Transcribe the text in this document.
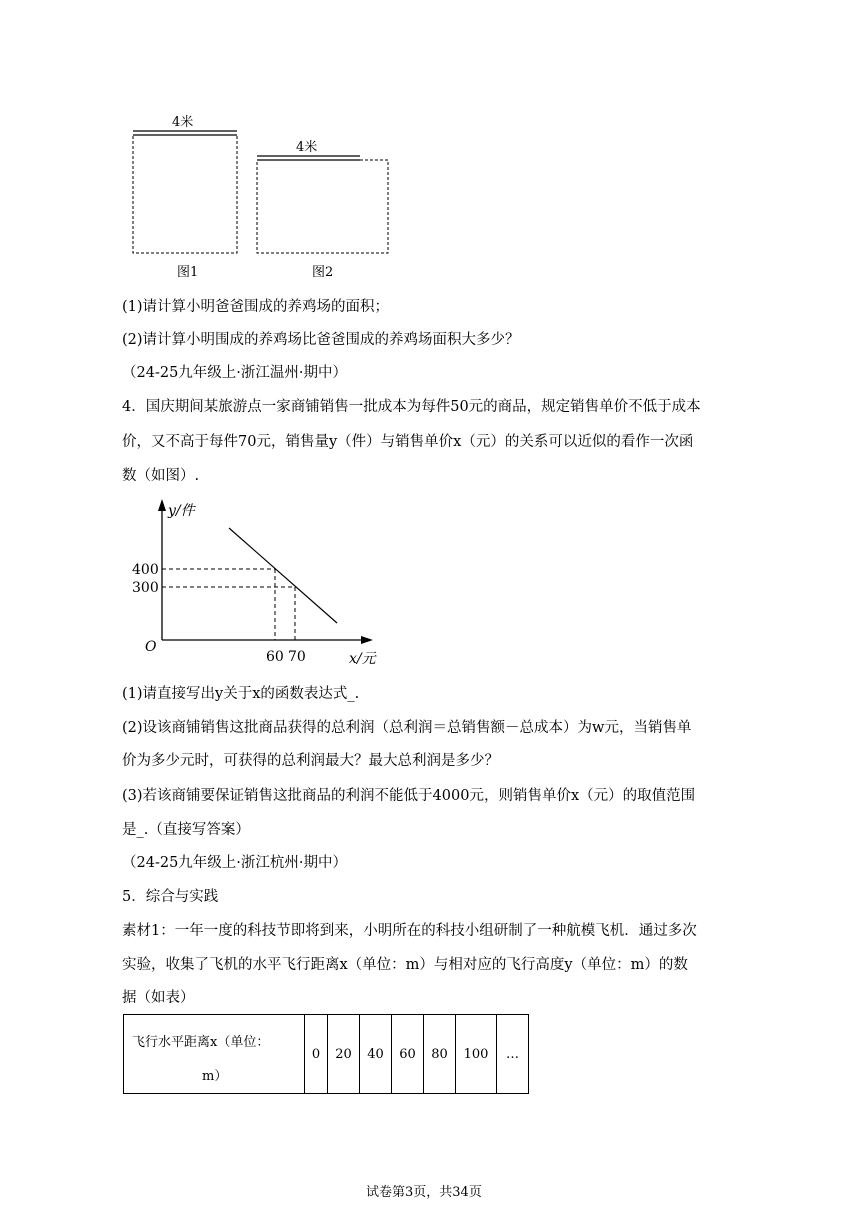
4米
图1
4米
图2
(1)请计算小明爸爸围成的养鸡场的面积；
(2)请计算小明围成的养鸡场比爸爸围成的养鸡场面积大多少？
（24-25九年级上·浙江温州·期中）
4．国庆期间某旅游点一家商铺销售一批成本为每件50元的商品，规定销售单价不低于成本
价，又不高于每件70元，销售量y（件）与销售单价x（元）的关系可以近似的看作一次函
数（如图）.
y/件
x/元
O
400
300
60 70
(1)请直接写出y关于x的函数表达式_.
(2)设该商铺销售这批商品获得的总利润（总利润＝总销售额－总成本）为w元，当销售单
价为多少元时，可获得的总利润最大？最大总利润是多少？
(3)若该商铺要保证销售这批商品的利润不能低于4000元，则销售单价x（元）的取值范围
是_.（直接写答案）
（24-25九年级上·浙江杭州·期中）
5．综合与实践
素材1：一年一度的科技节即将到来，小明所在的科技小组研制了一种航模飞机．通过多次
实验，收集了飞机的水平飞行距离x（单位：m）与相对应的飞行高度y（单位：m）的数
据（如表）
飞行水平距离x（单位：
m）
	0	20	40	60	80	100	…
试卷第3页，共34页
